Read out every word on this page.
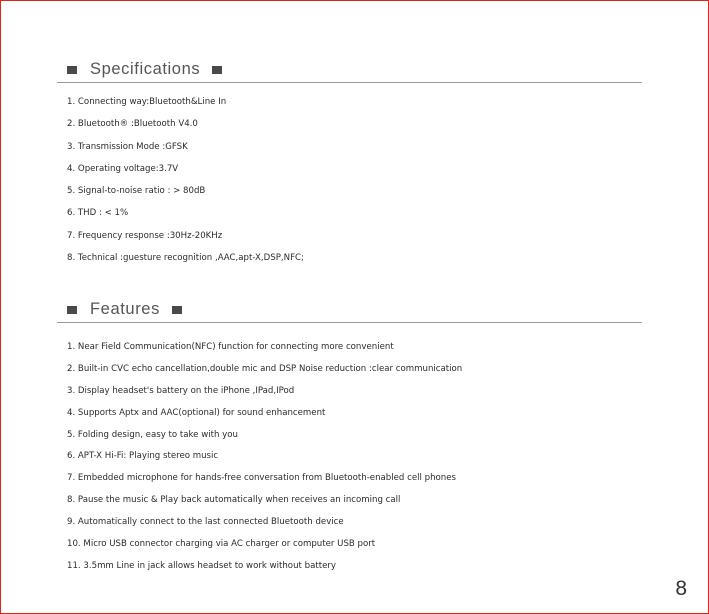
Specifications
1. Connecting way:Bluetooth&Line In
2. Bluetooth® :Bluetooth V4.0
3. Transmission Mode :GFSK
4. Operating voltage:3.7V
5. Signal-to-noise ratio : > 80dB
6. THD : < 1%
7. Frequency response :30Hz-20KHz
8. Technical :guesture recognition ,AAC,apt-X,DSP,NFC;
Features
1. Near Field Communication(NFC) function for connecting more convenient
2. Built-in CVC echo cancellation,double mic and DSP Noise reduction :clear communication
3. Display headset's battery on the iPhone ,IPad,IPod
4. Supports Aptx and AAC(optional) for sound enhancement
5. Folding design, easy to take with you
6. APT-X Hi-Fi: Playing stereo music
7. Embedded microphone for hands-free conversation from Bluetooth-enabled cell phones
8. Pause the music & Play back automatically when receives an incoming call
9. Automatically connect to the last connected Bluetooth device
10. Micro USB connector charging via AC charger or computer USB port
11. 3.5mm Line in jack allows headset to work without battery
8
